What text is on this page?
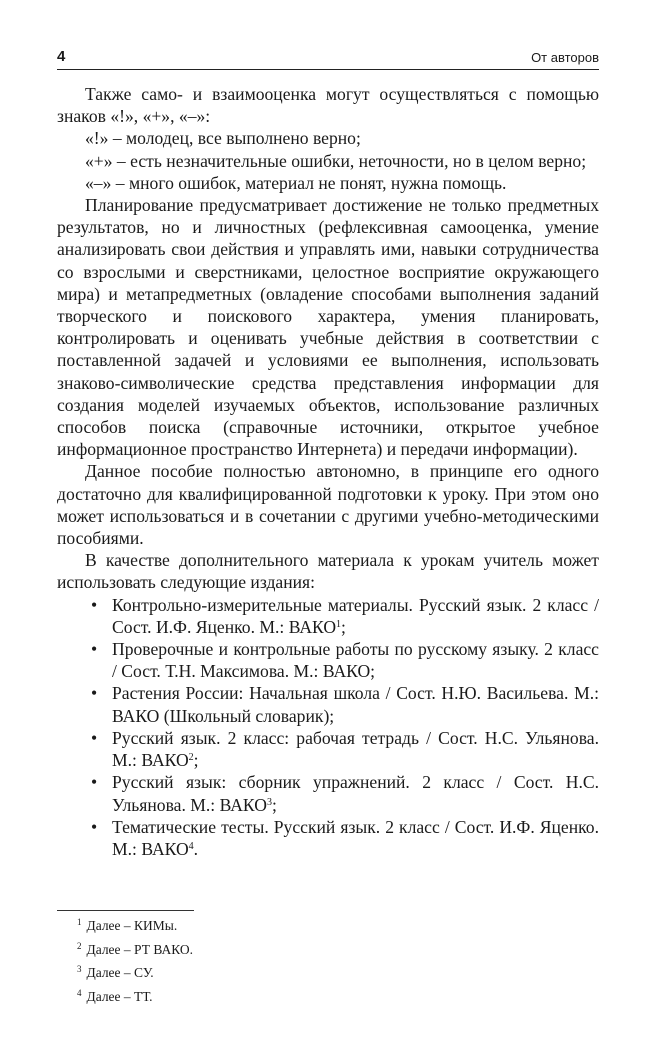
4	От авторов

Также само- и взаимооценка могут осуществляться с помощью знаков «!», «+», «–»:

«!» – молодец, все выполнено верно;

«+» – есть незначительные ошибки, неточности, но в целом верно;

«–» – много ошибок, материал не понят, нужна помощь.

Планирование предусматривает достижение не только предметных результатов, но и личностных (рефлексивная самооценка, умение анализировать свои действия и управлять ими, навыки сотрудничества со взрослыми и сверстниками, целостное восприятие окружающего мира) и метапредметных (овладение способами выполнения заданий творческого и поискового характера, умения планировать, контролировать и оценивать учебные действия в соответствии с поставленной задачей и условиями ее выполнения, использовать знаково-символические средства представления информации для создания моделей изучаемых объектов, использование различных способов поиска (справочные источники, открытое учебное информационное пространство Интернета) и передачи информации).

Данное пособие полностью автономно, в принципе его одного достаточно для квалифицированной подготовки к уроку. При этом оно может использоваться и в сочетании с другими учебно-методическими пособиями.

В качестве дополнительного материала к урокам учитель может использовать следующие издания:

• Контрольно-измерительные материалы. Русский язык. 2 класс / Сост. И.Ф. Яценко. М.: ВАКО$^1$;
• Проверочные и контрольные работы по русскому языку. 2 класс / Сост. Т.Н. Максимова. М.: ВАКО;
• Растения России: Начальная школа / Сост. Н.Ю. Васильева. М.: ВАКО (Школьный словарик);
• Русский язык. 2 класс: рабочая тетрадь / Сост. Н.С. Ульянова. М.: ВАКО$^2$;
• Русский язык: сборник упражнений. 2 класс / Сост. Н.С. Ульянова. М.: ВАКО$^3$;
• Тематические тесты. Русский язык. 2 класс / Сост. И.Ф. Яценко. М.: ВАКО$^4$.
$^1$ Далее – КИМы.
$^2$ Далее – РТ ВАКО.
$^3$ Далее – СУ.
$^4$ Далее – ТТ.
